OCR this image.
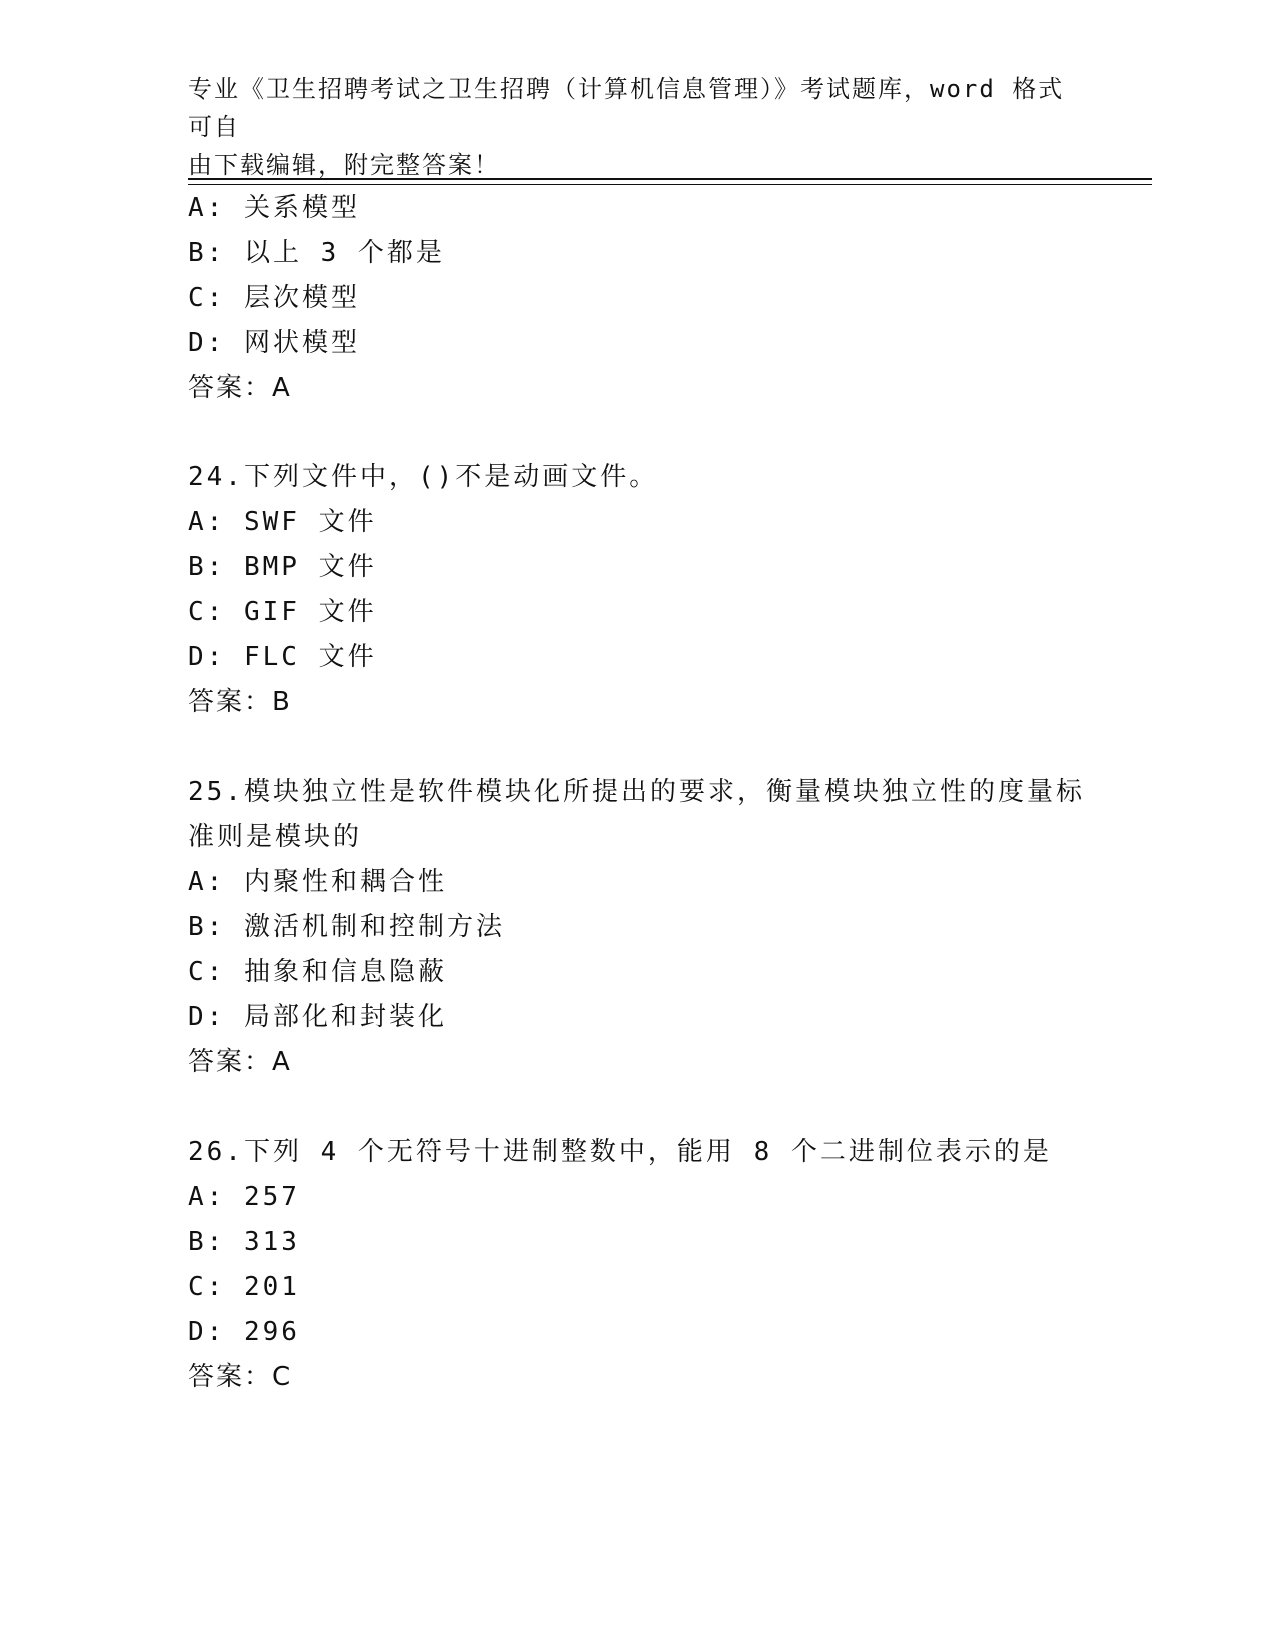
专业《卫生招聘考试之卫生招聘（计算机信息管理）》考试题库，word 格式可自
由下载编辑，附完整答案！
A: 关系模型
B: 以上 3 个都是
C: 层次模型
D: 网状模型
答案：A
24.下列文件中，()不是动画文件。
A: SWF 文件
B: BMP 文件
C: GIF 文件
D: FLC 文件
答案：B
25.模块独立性是软件模块化所提出的要求，衡量模块独立性的度量标
准则是模块的
A: 内聚性和耦合性
B: 激活机制和控制方法
C: 抽象和信息隐蔽
D: 局部化和封装化
答案：A
26.下列 4 个无符号十进制整数中，能用 8 个二进制位表示的是
A: 257
B: 313
C: 201
D: 296
答案：C
